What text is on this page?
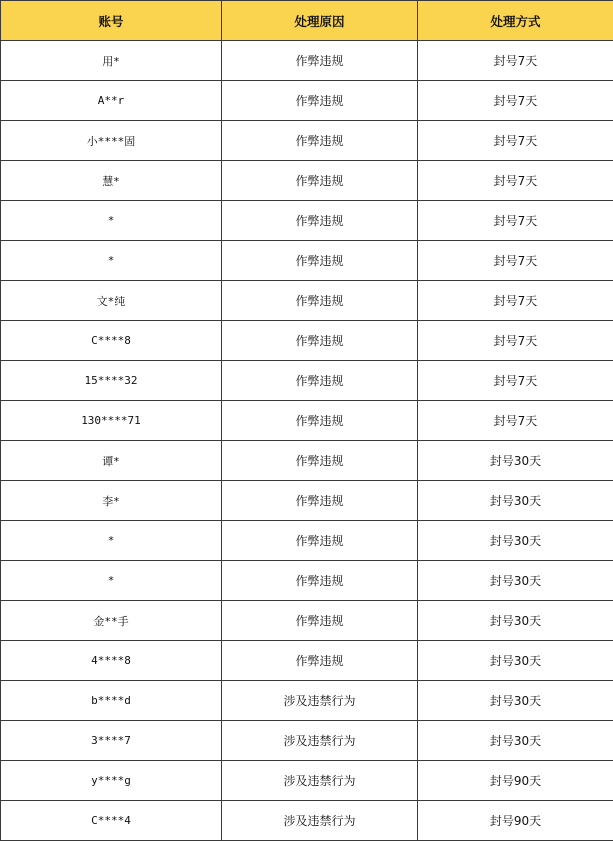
账号	处理原因	处理方式
用*	作弊违规	封号7天
A**r	作弊违规	封号7天
小****固	作弊违规	封号7天
慧*	作弊违规	封号7天
*	作弊违规	封号7天
*	作弊违规	封号7天
文*纯	作弊违规	封号7天
C****8	作弊违规	封号7天
15****32	作弊违规	封号7天
130****71	作弊违规	封号7天
谭*	作弊违规	封号30天
李*	作弊违规	封号30天
*	作弊违规	封号30天
*	作弊违规	封号30天
金**手	作弊违规	封号30天
4****8	作弊违规	封号30天
b****d	涉及违禁行为	封号30天
3****7	涉及违禁行为	封号30天
y****g	涉及违禁行为	封号90天
C****4	涉及违禁行为	封号90天
